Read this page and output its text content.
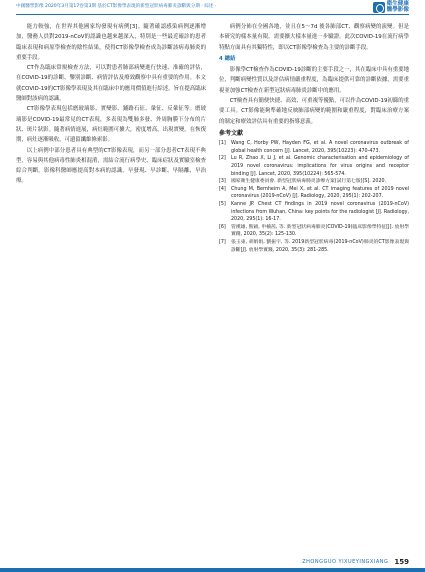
中國醫學影像 2020年3月第17卷第3期 基於CT影像學表現的新型冠狀病毒肺炎診斷與分期 · 綜述 ·	衛生健康
醫學影像

能力較強，在世界其他國家均發現有病例[3]。隨著確認感染病例逐漸增加，醫務人員對2019-nCoV的認識也越來越深入，特別是一些最近確診的患者臨床表現和病原學檢查的陰性結果，使得CT影像學檢查成為診斷該病毒肺炎的重要手段。

CT作為臨床常規檢查方法，可以對患者肺部病變進行快速、准確的評估，在COVID-19的診斷、鑒別診斷、病情評估及療效觀察中具有重要的作用。本文就COVID-19的CT影像學表現及其在臨床中的應用價值進行綜述，旨在提高臨床醫師對該病的認識。

CT影像學表現包括磨玻璃影、實變影、鋪路石征、暈征、反暈征等。磨玻璃影是COVID-19最常見的CT表現，多表現為雙肺多發、外周胸膜下分布的片狀、斑片狀影。隨著病情進展，病灶範圍可擴大，密度增高，出現實變。在恢復期，病灶逐漸吸收，可遺留纖維條索影。

以上病例中部分患者具有典型的CT影像表現，而另一部分患者CT表現不典型，容易與其他病毒性肺炎相混淆，需結合流行病學史、臨床症狀及實驗室檢查綜合判斷。影像科醫師應提高對本病的認識，早發現、早診斷、早隔離、早治療。

病例分佈在全國各地，並且在5～7d 後各肺部CT、觀察病變的演變。但是本研究的樣本量有限，需要擴大樣本量進一步驗證。此次COVID-19在流行病學特點方面具有其獨特性，即以CT影像學檢查為主要的診斷手段。

4 總結

影像學CT檢查作為COVID-19診斷的主要手段之一，其在臨床中具有重要地位，判斷病變性質以及評估病情嚴重程度，為臨床提供可靠的診斷依據，需要重視並加強CT檢查在新型冠狀病毒肺炎診斷中的應用。

CT檢查具有簡便快捷、高效、可重複等優點，可以作為COVID-19初篩的重要工具。CT影像能夠準確地反映肺部病變的範圍和嚴重程度，對臨床治療方案的制定和療效評估具有重要的指導意義。

參考文獻
[1]	Wang C, Horby PW, Hayden FG, et al. A novel coronavirus outbreak of global health concern [J]. Lancet, 2020, 395(10223): 470-473.
[2]	Lu R, Zhao X, Li J, et al. Genomic characterisation and epidemiology of 2019 novel coronavirus: implications for virus origins and receptor binding [J]. Lancet, 2020, 395(10224): 565-574.
[3]	國家衛生健康委員會. 新型冠狀病毒肺炎診療方案(試行第七版)[S]. 2020.
[4]	Chung M, Bernheim A, Mei X, et al. CT imaging features of 2019 novel coronavirus (2019-nCoV) [J]. Radiology, 2020, 295(1): 202-207.
[5]	Kanne JP. Chest CT findings in 2019 novel coronavirus (2019-nCoV) infections from Wuhan, China: key points for the radiologist [J]. Radiology, 2020, 295(1): 16-17.
[6]	管漢雄, 熊穎, 申楠茜, 等. 新型冠狀病毒肺炎(COVID-19)臨床影像學特征[J]. 放射學實踐, 2020, 35(2): 125-130.
[7]	張玉東, 胡娟娟, 劉振宇, 等. 2019新型冠狀病毒(2019-nCoV)肺炎的CT影像表現與診斷[J]. 放射學實踐, 2020, 35(3): 281-285.
ZHONGGUO YIXUEYINGXIANG 159
